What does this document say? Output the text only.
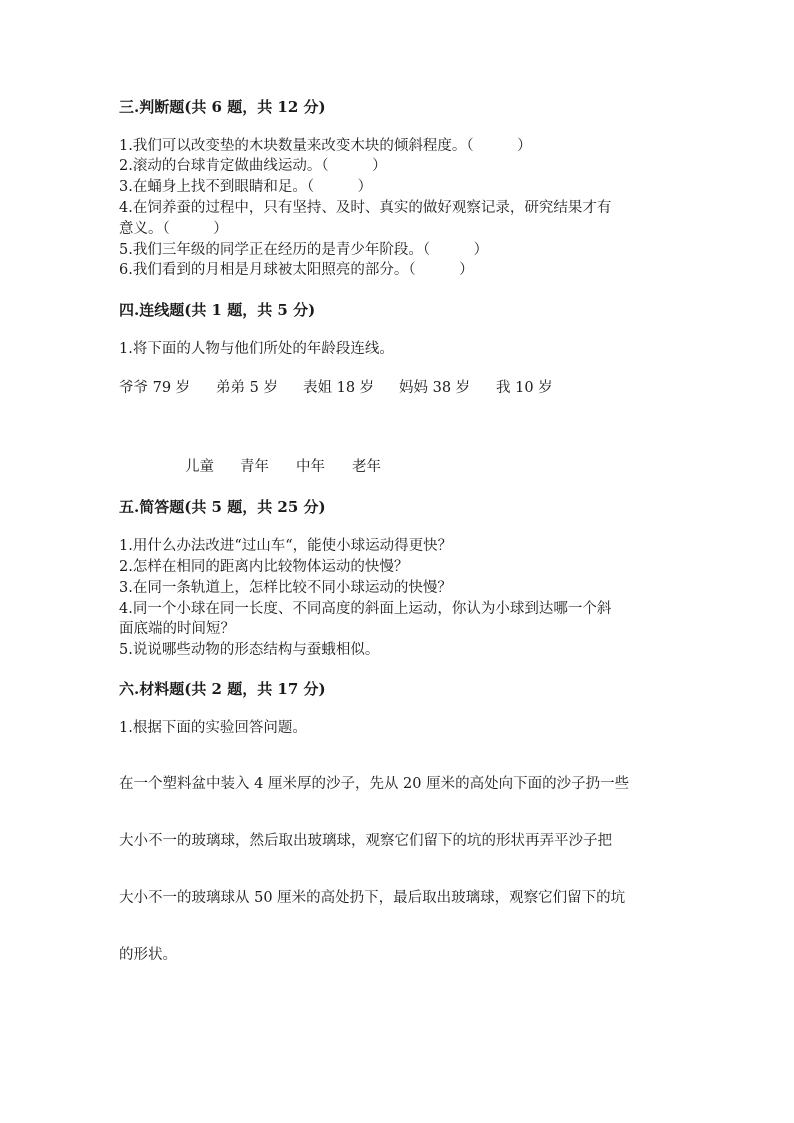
三.判断题(共 6 题，共 12 分)
1.我们可以改变垫的木块数量来改变木块的倾斜程度。（　　　）
2.滚动的台球肯定做曲线运动。（　　　）
3.在蛹身上找不到眼睛和足。（　　　）
4.在饲养蚕的过程中，只有坚持、及时、真实的做好观察记录，研究结果才有
意义。（　　　）
5.我们三年级的同学正在经历的是青少年阶段。（　　　）
6.我们看到的月相是月球被太阳照亮的部分。（　　　）
四.连线题(共 1 题，共 5 分)
1.将下面的人物与他们所处的年龄段连线。
爷爷 79 岁 弟弟 5 岁 表姐 18 岁 妈妈 38 岁 我 10 岁
儿童 青年 中年 老年
五.简答题(共 5 题，共 25 分)
1.用什么办法改进“过山车“，能使小球运动得更快？
2.怎样在相同的距离内比较物体运动的快慢？
3.在同一条轨道上，怎样比较不同小球运动的快慢？
4.同一个小球在同一长度、不同高度的斜面上运动，你认为小球到达哪一个斜
面底端的时间短？
5.说说哪些动物的形态结构与蚕蛾相似。
六.材料题(共 2 题，共 17 分)
1.根据下面的实验回答问题。
在一个塑料盆中装入 4 厘米厚的沙子，先从 20 厘米的高处向下面的沙子扔一些
大小不一的玻璃球，然后取出玻璃球，观察它们留下的坑的形状再弄平沙子把
大小不一的玻璃球从 50 厘米的高处扔下，最后取出玻璃球，观察它们留下的坑
的形状。
